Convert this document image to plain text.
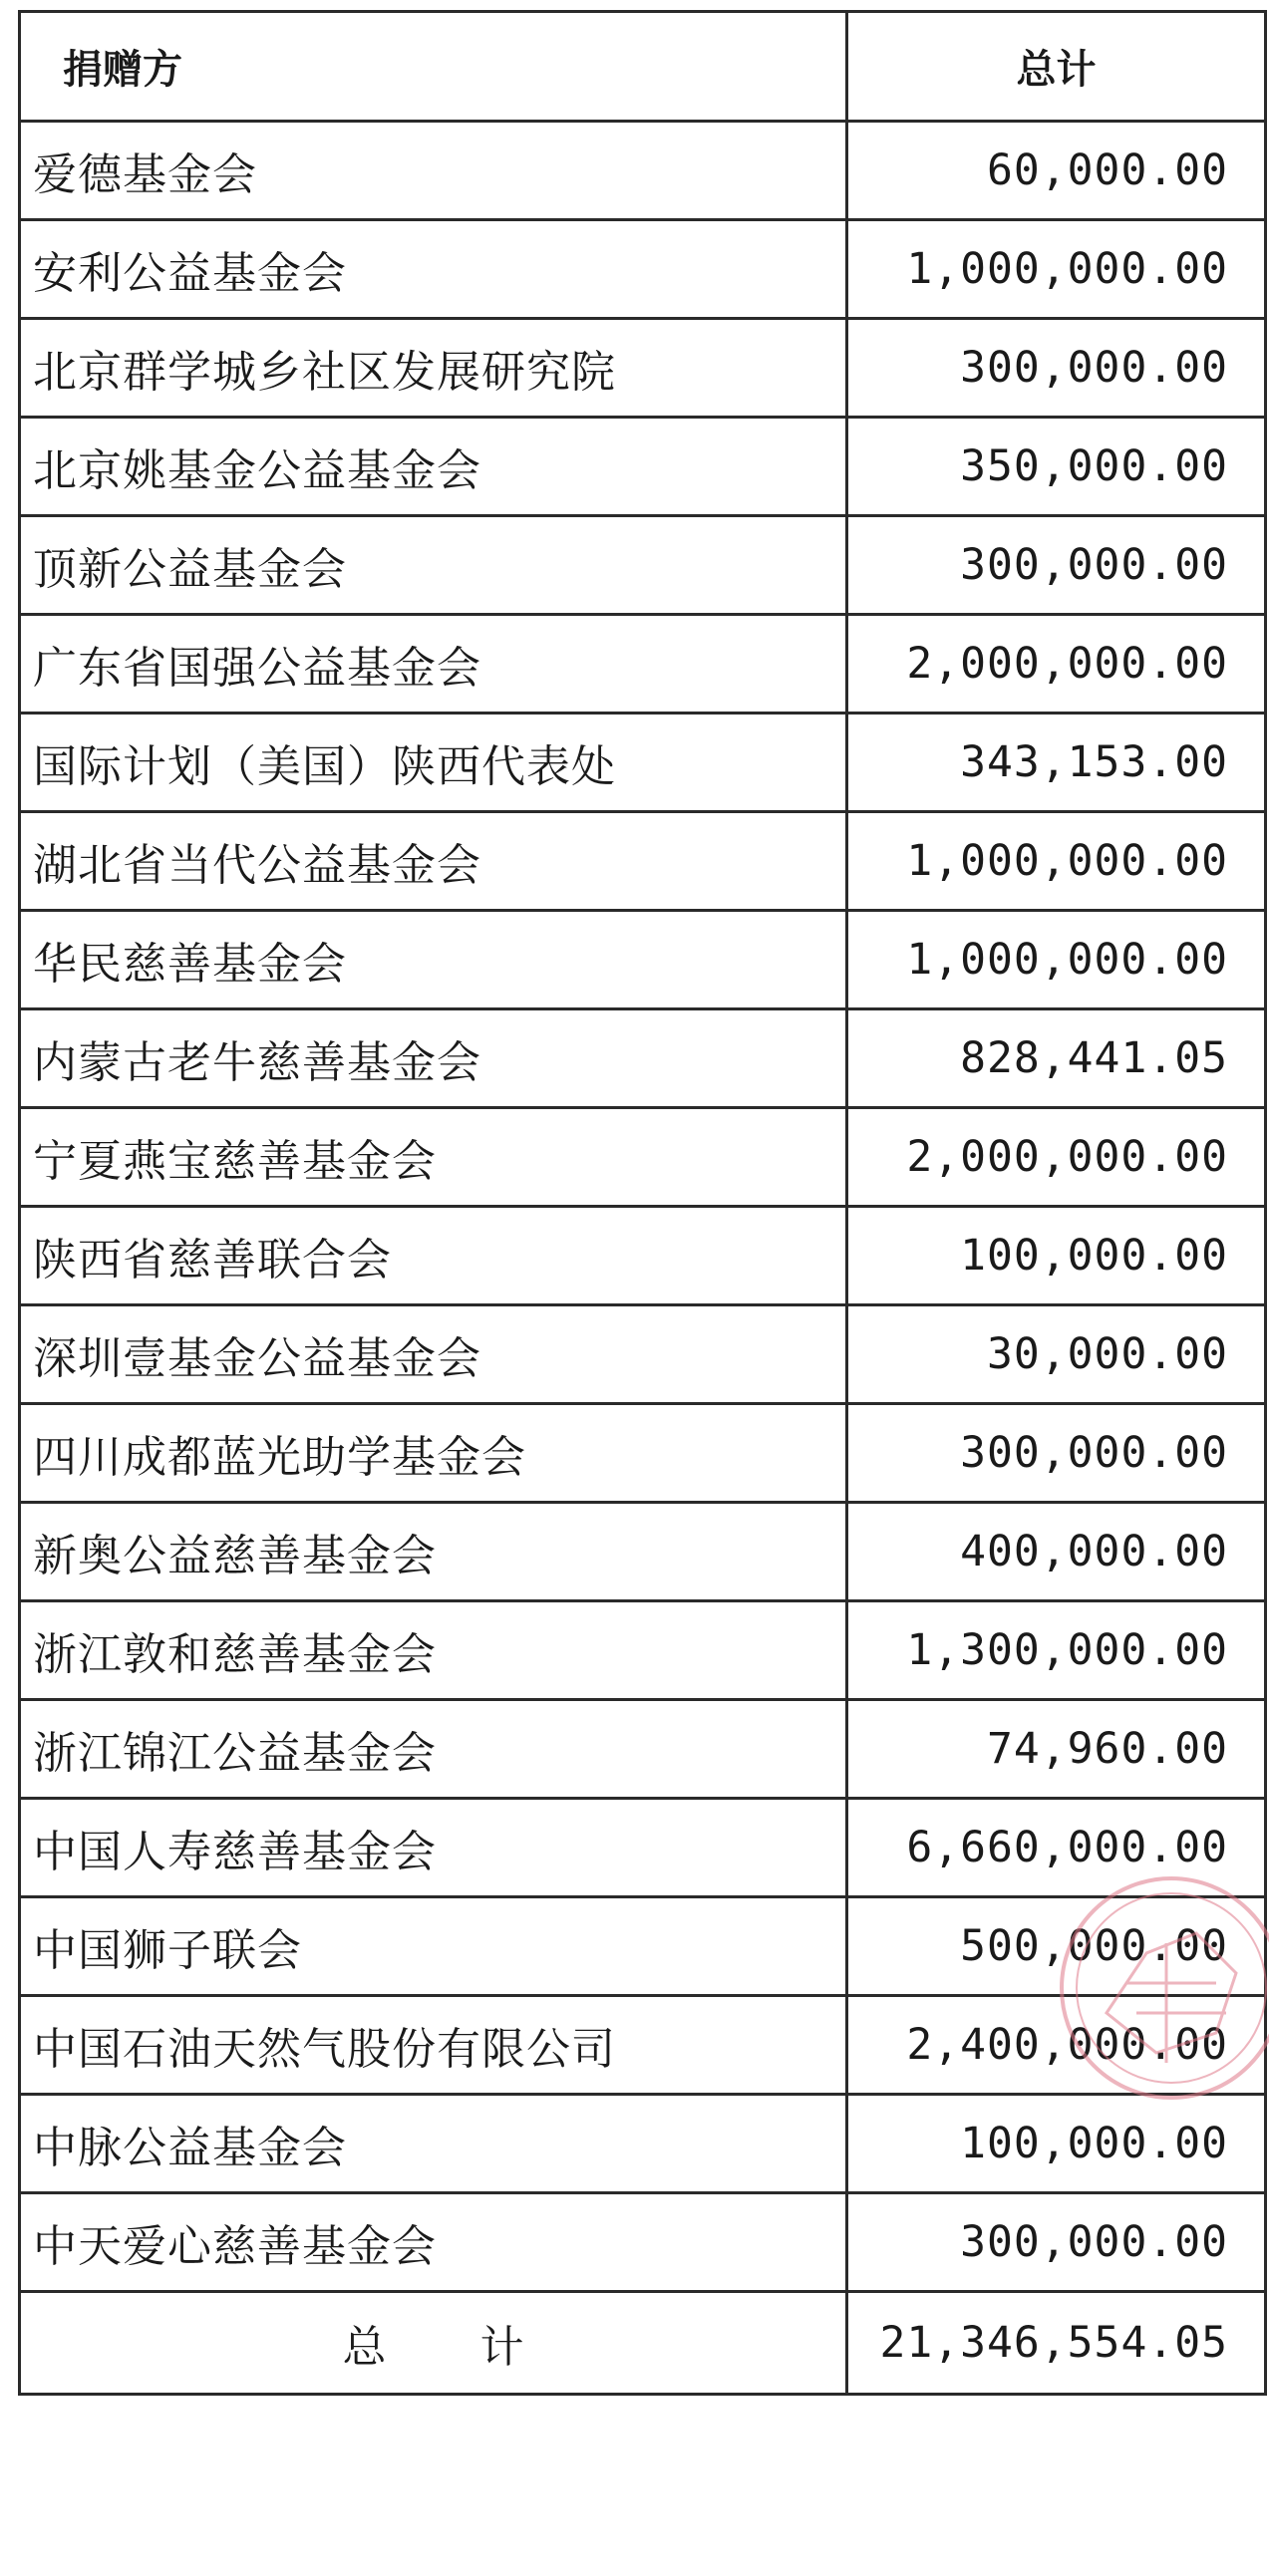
捐赠方	总计
爱德基金会	60,000.00
安利公益基金会	1,000,000.00
北京群学城乡社区发展研究院	300,000.00
北京姚基金公益基金会	350,000.00
顶新公益基金会	300,000.00
广东省国强公益基金会	2,000,000.00
国际计划（美国）陕西代表处	343,153.00
湖北省当代公益基金会	1,000,000.00
华民慈善基金会	1,000,000.00
内蒙古老牛慈善基金会	828,441.05
宁夏燕宝慈善基金会	2,000,000.00
陕西省慈善联合会	100,000.00
深圳壹基金公益基金会	30,000.00
四川成都蓝光助学基金会	300,000.00
新奥公益慈善基金会	400,000.00
浙江敦和慈善基金会	1,300,000.00
浙江锦江公益基金会	74,960.00
中国人寿慈善基金会	6,660,000.00
中国狮子联会	500,000.00
中国石油天然气股份有限公司	2,400,000.00
中脉公益基金会	100,000.00
中天爱心慈善基金会	300,000.00
总 计	21,346,554.05
